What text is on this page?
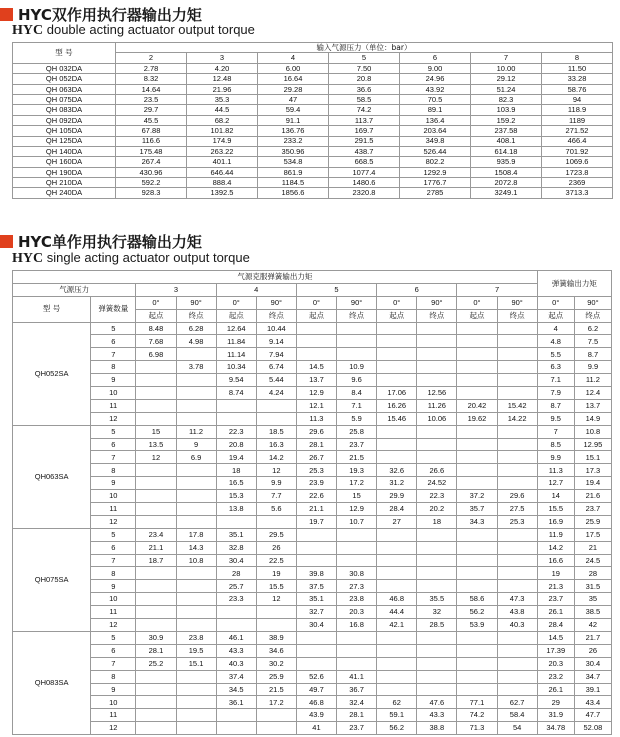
HYC双作用执行器输出力矩
HYC double acting actuator output torque
型 号	输入气源压力（单位：bar）						
	2	3	4	5	6	7	8
QH 032DA	2.78	4.20	6.00	7.50	9.00	10.00	11.50
QH 052DA	8.32	12.48	16.64	20.8	24.96	29.12	33.28
QH 063DA	14.64	21.96	29.28	36.6	43.92	51.24	58.76
QH 075DA	23.5	35.3	47	58.5	70.5	82.3	94
QH 083DA	29.7	44.5	59.4	74.2	89.1	103.9	118.9
QH 092DA	45.5	68.2	91.1	113.7	136.4	159.2	1189
QH 105DA	67.88	101.82	136.76	169.7	203.64	237.58	271.52
QH 125DA	116.6	174.9	233.2	291.5	349.8	408.1	466.4
QH 140DA	175.48	263.22	350.96	438.7	526.44	614.18	701.92
QH 160DA	267.4	401.1	534.8	668.5	802.2	935.9	1069.6
QH 190DA	430.96	646.44	861.9	1077.4	1292.9	1508.4	1723.8
QH 210DA	592.2	888.4	1184.5	1480.6	1776.7	2072.8	2369
QH 240DA	928.3	1392.5	1856.6	2320.8	2785	3249.1	3713.3
HYC单作用执行器输出力矩
HYC single acting actuator output torque
气源克服弹簧输出力矩												弹簧输出力矩	
气源压力		3		4		5		6		7			
型 号	弹簧数量	0°	90°	0°	90°	0°	90°	0°	90°	0°	90°	0°	90°
		起点	终点	起点	终点	起点	终点	起点	终点	起点	终点	起点	终点
QH052SA	5	8.48	6.28	12.64	10.44							4	6.2
	6	7.68	4.98	11.84	9.14							4.8	7.5
	7	6.98		11.14	7.94							5.5	8.7
	8		3.78	10.34	6.74	14.5	10.9					6.3	9.9
	9			9.54	5.44	13.7	9.6					7.1	11.2
	10			8.74	4.24	12.9	8.4	17.06	12.56			7.9	12.4
	11					12.1	7.1	16.26	11.26	20.42	15.42	8.7	13.7
	12					11.3	5.9	15.46	10.06	19.62	14.22	9.5	14.9
QH063SA	5	15	11.2	22.3	18.5	29.6	25.8					7	10.8
	6	13.5	9	20.8	16.3	28.1	23.7					8.5	12.95
	7	12	6.9	19.4	14.2	26.7	21.5					9.9	15.1
	8			18	12	25.3	19.3	32.6	26.6			11.3	17.3
	9			16.5	9.9	23.9	17.2	31.2	24.52			12.7	19.4
	10			15.3	7.7	22.6	15	29.9	22.3	37.2	29.6	14	21.6
	11			13.8	5.6	21.1	12.9	28.4	20.2	35.7	27.5	15.5	23.7
	12					19.7	10.7	27	18	34.3	25.3	16.9	25.9
QH075SA	5	23.4	17.8	35.1	29.5							11.9	17.5
	6	21.1	14.3	32.8	26							14.2	21
	7	18.7	10.8	30.4	22.5							16.6	24.5
	8			28	19	39.8	30.8					19	28
	9			25.7	15.5	37.5	27.3					21.3	31.5
	10			23.3	12	35.1	23.8	46.8	35.5	58.6	47.3	23.7	35
	11					32.7	20.3	44.4	32	56.2	43.8	26.1	38.5
	12					30.4	16.8	42.1	28.5	53.9	40.3	28.4	42
QH083SA	5	30.9	23.8	46.1	38.9							14.5	21.7
	6	28.1	19.5	43.3	34.6							17.39	26
	7	25.2	15.1	40.3	30.2							20.3	30.4
	8			37.4	25.9	52.6	41.1					23.2	34.7
	9			34.5	21.5	49.7	36.7					26.1	39.1
	10			36.1	17.2	46.8	32.4	62	47.6	77.1	62.7	29	43.4
	11					43.9	28.1	59.1	43.3	74.2	58.4	31.9	47.7
	12					41	23.7	56.2	38.8	71.3	54	34.78	52.08
